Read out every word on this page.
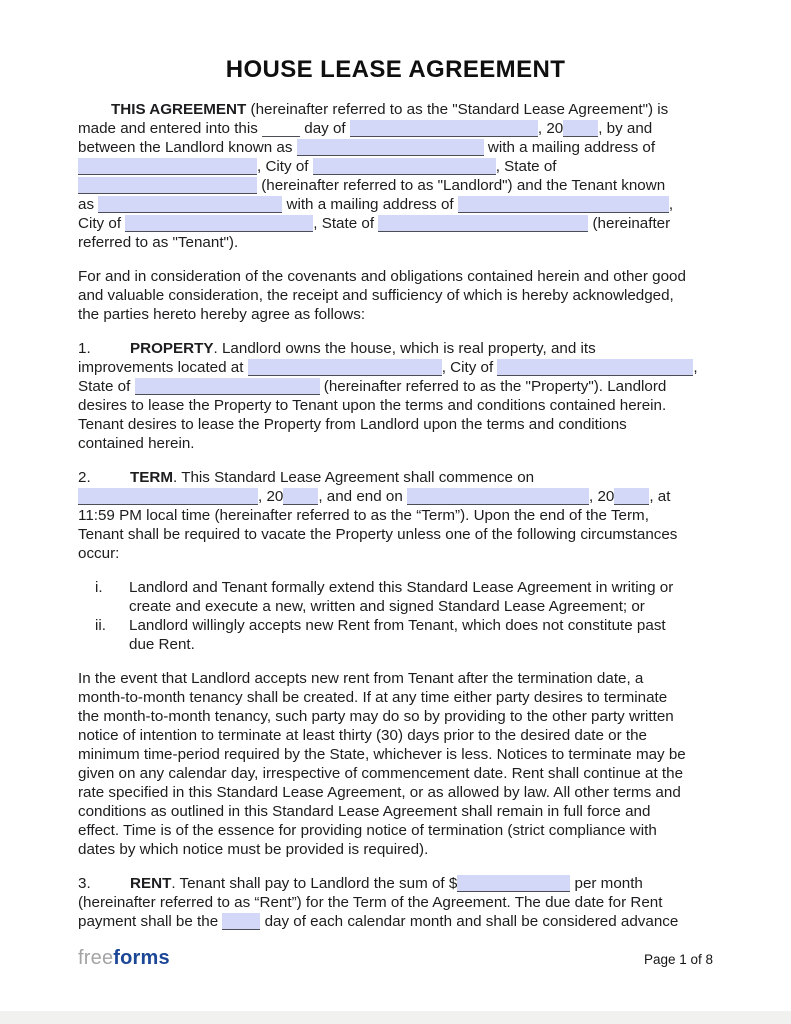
HOUSE LEASE AGREEMENT
THIS AGREEMENT (hereinafter referred to as the "Standard Lease Agreement") is
made and entered into this	day of	, 20 , by and
between the Landlord known as	with a mailing address of
, City of	, State of
(hereinafter referred to as "Landlord") and the Tenant known
as	with a mailing address of	,
City of	, State of	(hereinafter
referred to as "Tenant").
For and in consideration of the covenants and obligations contained herein and other good
and valuable consideration, the receipt and sufficiency of which is hereby acknowledged,
the parties hereto hereby agree as follows:
1.	PROPERTY. Landlord owns the house, which is real property, and its
improvements located at	, City of	,
State of	(hereinafter referred to as the "Property"). Landlord
desires to lease the Property to Tenant upon the terms and conditions contained herein.
Tenant desires to lease the Property from Landlord upon the terms and conditions
contained herein.
2.	TERM. This Standard Lease Agreement shall commence on
, 20 , and end on	, 20 , at
11:59 PM local time (hereinafter referred to as the “Term”). Upon the end of the Term,
Tenant shall be required to vacate the Property unless one of the following circumstances
occur:
i.	Landlord and Tenant formally extend this Standard Lease Agreement in writing or
create and execute a new, written and signed Standard Lease Agreement; or
ii.	Landlord willingly accepts new Rent from Tenant, which does not constitute past
due Rent.
In the event that Landlord accepts new rent from Tenant after the termination date, a
month-to-month tenancy shall be created. If at any time either party desires to terminate
the month-to-month tenancy, such party may do so by providing to the other party written
notice of intention to terminate at least thirty (30) days prior to the desired date or the
minimum time-period required by the State, whichever is less. Notices to terminate may be
given on any calendar day, irrespective of commencement date. Rent shall continue at the
rate specified in this Standard Lease Agreement, or as allowed by law. All other terms and
conditions as outlined in this Standard Lease Agreement shall remain in full force and
effect. Time is of the essence for providing notice of termination (strict compliance with
dates by which notice must be provided is required).
3.	RENT. Tenant shall pay to Landlord the sum of $	per month
(hereinafter referred to as “Rent”) for the Term of the Agreement. The due date for Rent
payment shall be the	day of each calendar month and shall be considered advance
freeforms	Page 1 of 8
